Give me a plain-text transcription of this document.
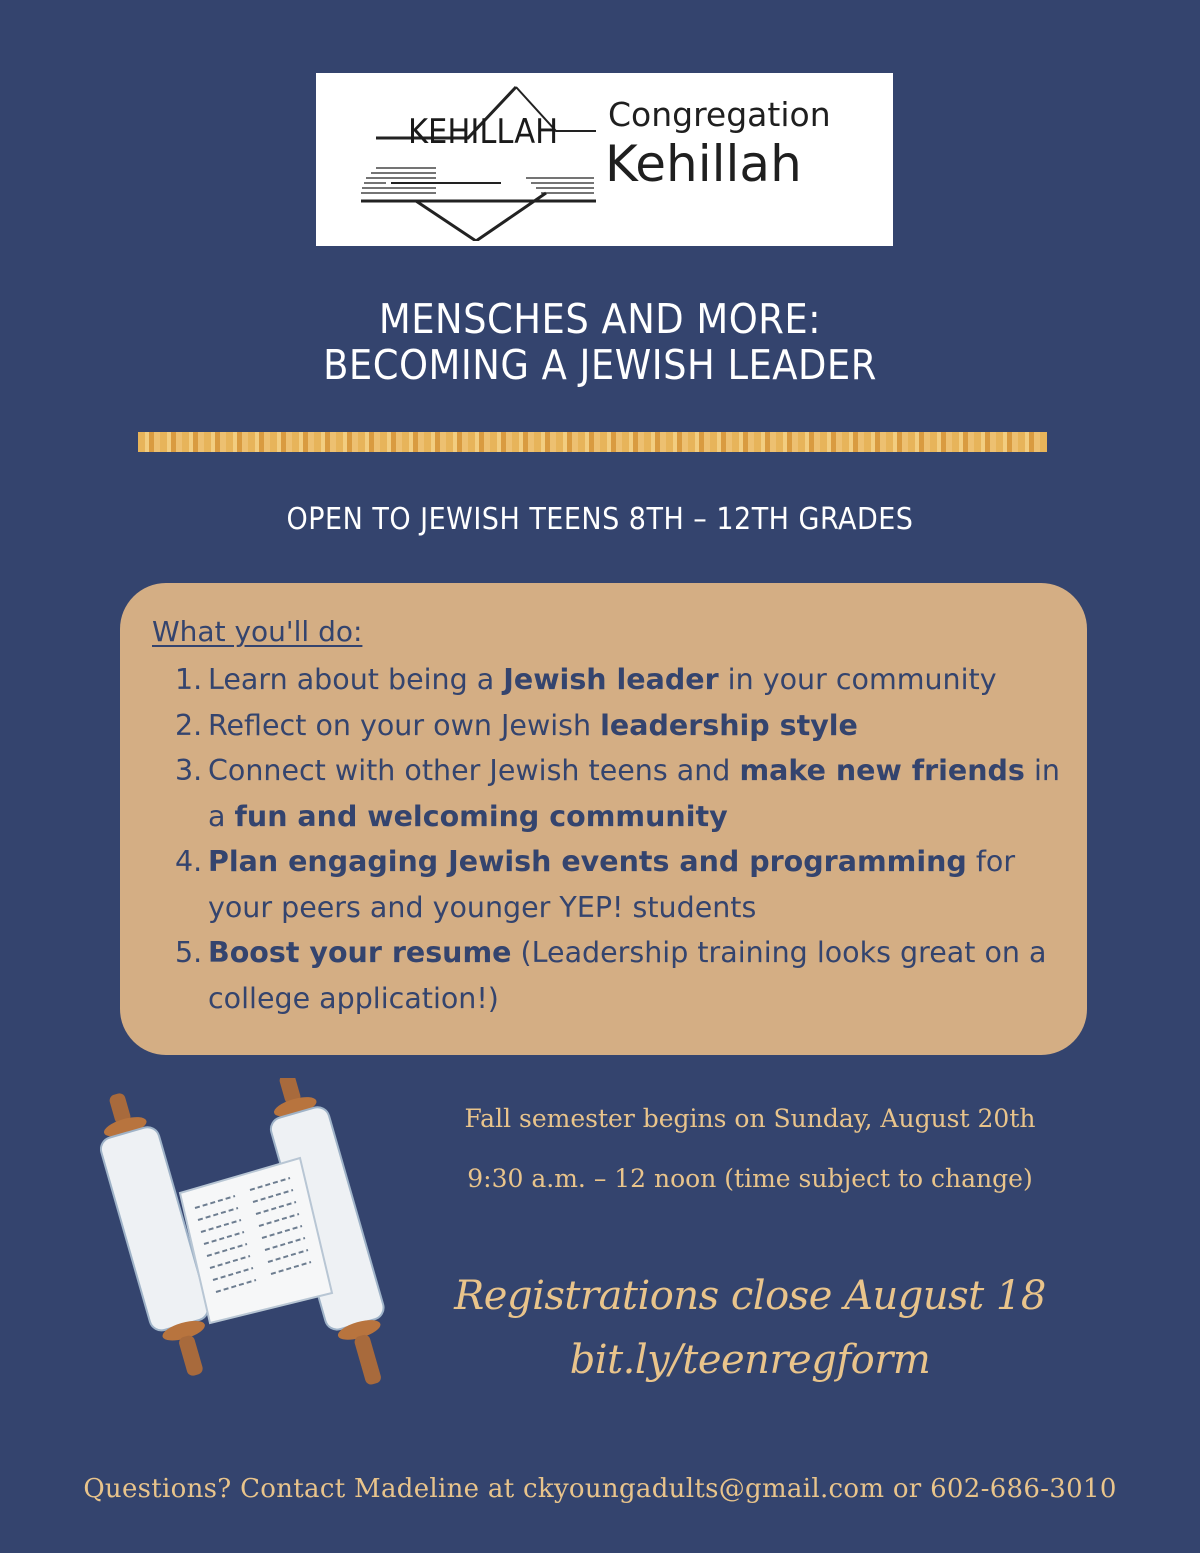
KEHILLAH Congregation
Kehillah
MENSCHES AND MORE:
BECOMING A JEWISH LEADER
OPEN TO JEWISH TEENS 8TH – 12TH GRADES
What you'll do:
1. Learn about being a Jewish leader in your community
2. Reflect on your own Jewish leadership style
3. Connect with other Jewish teens and make new friends in a fun and welcoming community
4. Plan engaging Jewish events and programming for your peers and younger YEP! students
5. Boost your resume (Leadership training looks great on a college application!)
Fall semester begins on Sunday, August 20th
9:30 a.m. – 12 noon (time subject to change)
Registrations close August 18
bit.ly/teenregform
Questions? Contact Madeline at ckyoungadults@gmail.com or 602-686-3010
